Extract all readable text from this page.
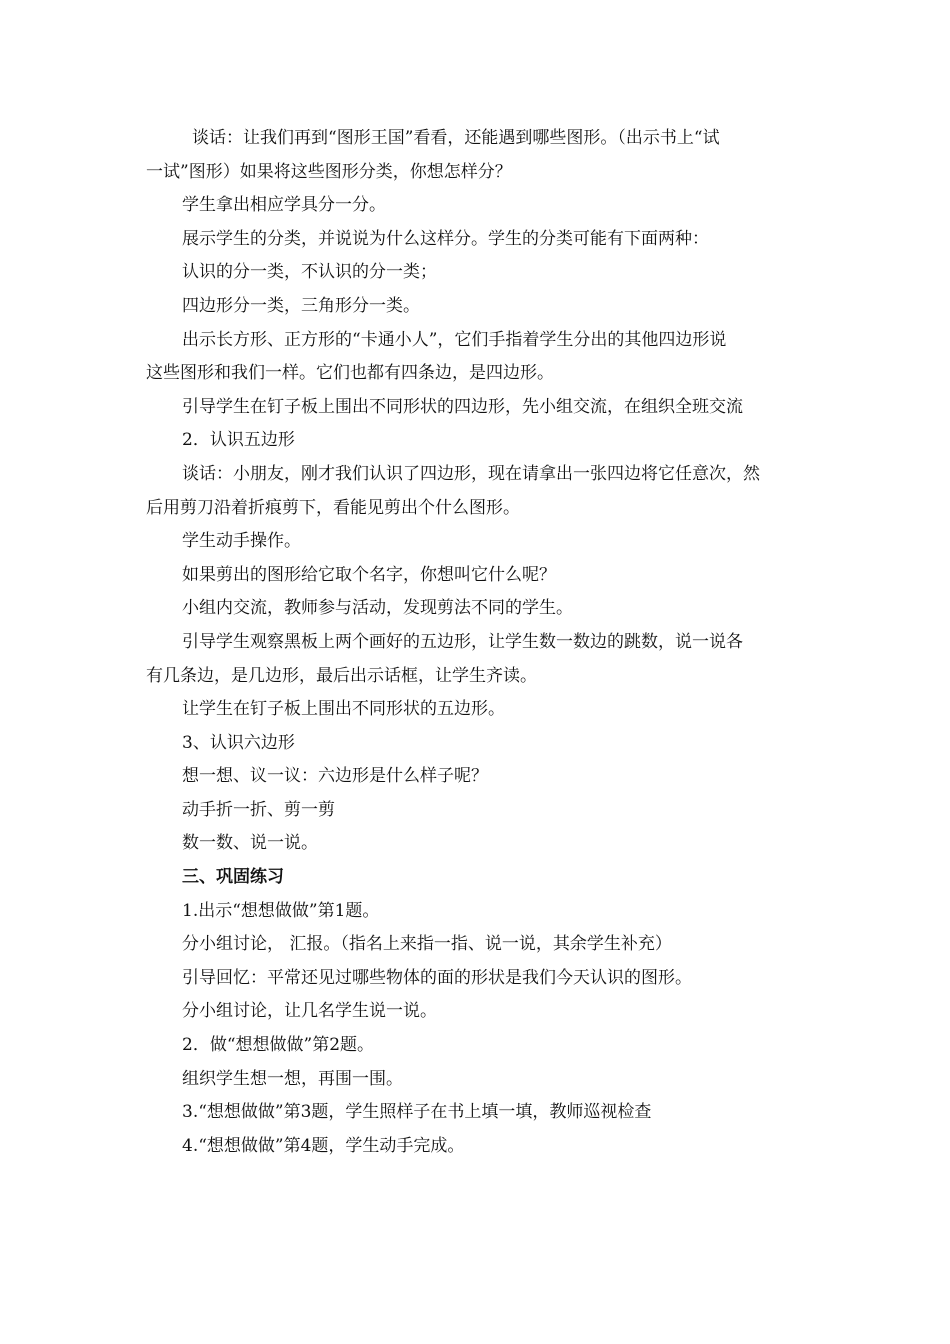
谈话：让我们再到“图形王国”看看，还能遇到哪些图形。（出示书上“试
一试”图形）如果将这些图形分类，你想怎样分？
学生拿出相应学具分一分。
展示学生的分类，并说说为什么这样分。学生的分类可能有下面两种：
认识的分一类，不认识的分一类；
四边形分一类，三角形分一类。
出示长方形、正方形的“卡通小人”，它们手指着学生分出的其他四边形说
这些图形和我们一样。它们也都有四条边，是四边形。
引导学生在钉子板上围出不同形状的四边形，先小组交流，在组织全班交流
2．认识五边形
谈话：小朋友，刚才我们认识了四边形，现在请拿出一张四边将它任意次，然
后用剪刀沿着折痕剪下，看能见剪出个什么图形。
学生动手操作。
如果剪出的图形给它取个名字，你想叫它什么呢？
小组内交流，教师参与活动，发现剪法不同的学生。
引导学生观察黑板上两个画好的五边形，让学生数一数边的跳数，说一说各
有几条边，是几边形，最后出示话框，让学生齐读。
让学生在钉子板上围出不同形状的五边形。
3、认识六边形
想一想、议一议：六边形是什么样子呢？
动手折一折、剪一剪
数一数、说一说。
三、巩固练习
1.出示“想想做做”第1题。
分小组讨论， 汇报。（指名上来指一指、说一说，其余学生补充）
引导回忆：平常还见过哪些物体的面的形状是我们今天认识的图形。
分小组讨论，让几名学生说一说。
2．做“想想做做”第2题。
组织学生想一想，再围一围。
3.“想想做做”第3题，学生照样子在书上填一填，教师巡视检查
4.“想想做做”第4题，学生动手完成。
